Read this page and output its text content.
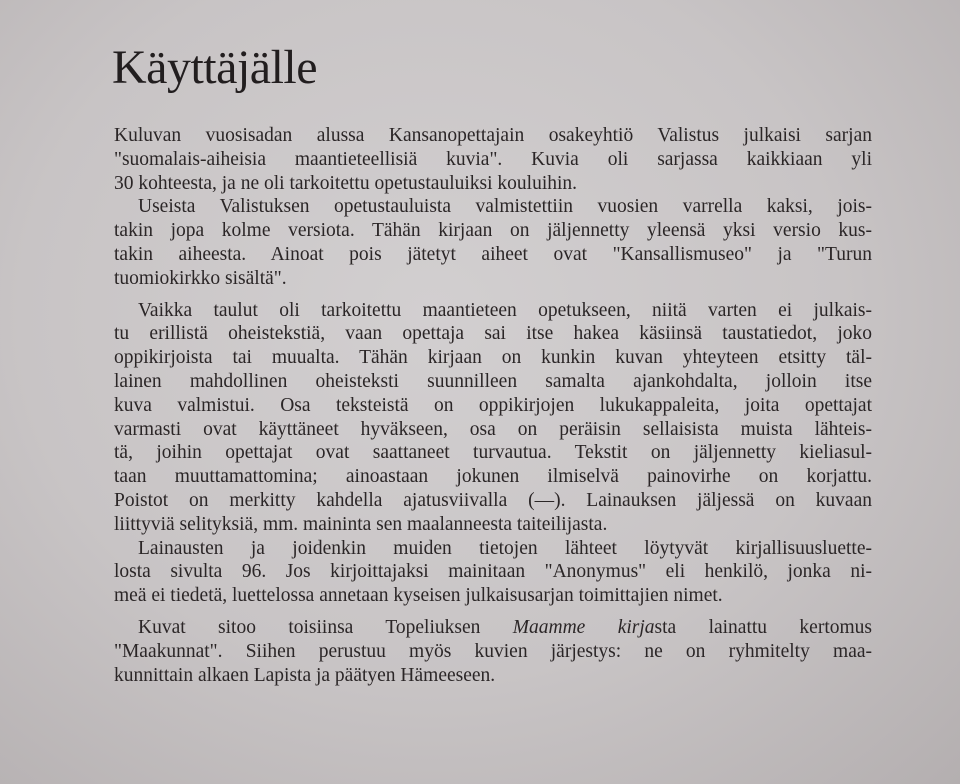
Käyttäjälle
Kuluvan vuosisadan alussa Kansanopettajain osakeyhtiö Valistus julkaisi sarjan
"suomalais-aiheisia maantieteellisiä kuvia". Kuvia oli sarjassa kaikkiaan yli
30 kohteesta, ja ne oli tarkoitettu opetustauluiksi kouluihin.
Useista Valistuksen opetustauluista valmistettiin vuosien varrella kaksi, jois-
takin jopa kolme versiota. Tähän kirjaan on jäljennetty yleensä yksi versio kus-
takin aiheesta. Ainoat pois jätetyt aiheet ovat "Kansallismuseo" ja "Turun
tuomiokirkko sisältä".
Vaikka taulut oli tarkoitettu maantieteen opetukseen, niitä varten ei julkais-
tu erillistä oheistekstiä, vaan opettaja sai itse hakea käsiinsä taustatiedot, joko
oppikirjoista tai muualta. Tähän kirjaan on kunkin kuvan yhteyteen etsitty täl-
lainen mahdollinen oheisteksti suunnilleen samalta ajankohdalta, jolloin itse
kuva valmistui. Osa teksteistä on oppikirjojen lukukappaleita, joita opettajat
varmasti ovat käyttäneet hyväkseen, osa on peräisin sellaisista muista lähteis-
tä, joihin opettajat ovat saattaneet turvautua. Tekstit on jäljennetty kieliasul-
taan muuttamattomina; ainoastaan jokunen ilmiselvä painovirhe on korjattu.
Poistot on merkitty kahdella ajatusviivalla (––). Lainauksen jäljessä on kuvaan
liittyviä selityksiä, mm. maininta sen maalanneesta taiteilijasta.
Lainausten ja joidenkin muiden tietojen lähteet löytyvät kirjallisuusluette-
losta sivulta 96. Jos kirjoittajaksi mainitaan "Anonymus" eli henkilö, jonka ni-
meä ei tiedetä, luettelossa annetaan kyseisen julkaisusarjan toimittajien nimet.
Kuvat sitoo toisiinsa Topeliuksen Maamme kirjasta lainattu kertomus
"Maakunnat". Siihen perustuu myös kuvien järjestys: ne on ryhmitelty maa-
kunnittain alkaen Lapista ja päätyen Hämeeseen.
